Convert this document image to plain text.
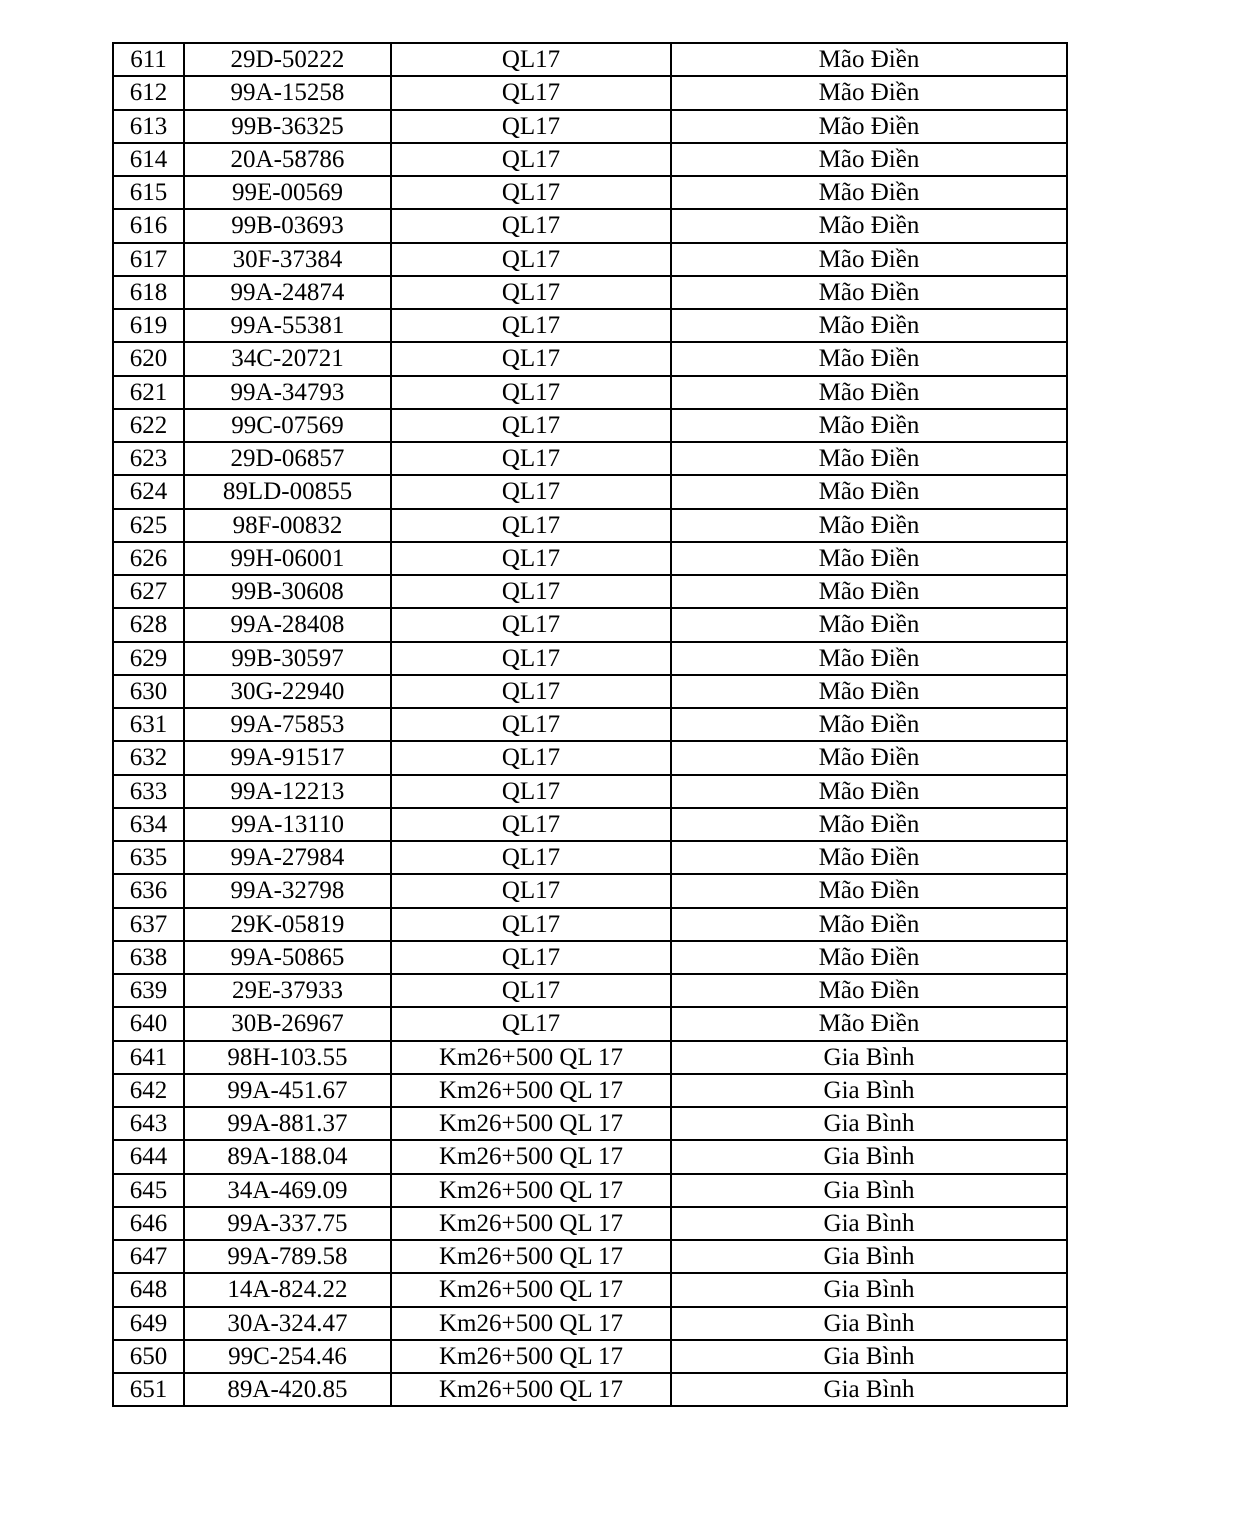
611	29D-50222	QL17	Mão Điền
612	99A-15258	QL17	Mão Điền
613	99B-36325	QL17	Mão Điền
614	20A-58786	QL17	Mão Điền
615	99E-00569	QL17	Mão Điền
616	99B-03693	QL17	Mão Điền
617	30F-37384	QL17	Mão Điền
618	99A-24874	QL17	Mão Điền
619	99A-55381	QL17	Mão Điền
620	34C-20721	QL17	Mão Điền
621	99A-34793	QL17	Mão Điền
622	99C-07569	QL17	Mão Điền
623	29D-06857	QL17	Mão Điền
624	89LD-00855	QL17	Mão Điền
625	98F-00832	QL17	Mão Điền
626	99H-06001	QL17	Mão Điền
627	99B-30608	QL17	Mão Điền
628	99A-28408	QL17	Mão Điền
629	99B-30597	QL17	Mão Điền
630	30G-22940	QL17	Mão Điền
631	99A-75853	QL17	Mão Điền
632	99A-91517	QL17	Mão Điền
633	99A-12213	QL17	Mão Điền
634	99A-13110	QL17	Mão Điền
635	99A-27984	QL17	Mão Điền
636	99A-32798	QL17	Mão Điền
637	29K-05819	QL17	Mão Điền
638	99A-50865	QL17	Mão Điền
639	29E-37933	QL17	Mão Điền
640	30B-26967	QL17	Mão Điền
641	98H-103.55	Km26+500 QL 17	Gia Bình
642	99A-451.67	Km26+500 QL 17	Gia Bình
643	99A-881.37	Km26+500 QL 17	Gia Bình
644	89A-188.04	Km26+500 QL 17	Gia Bình
645	34A-469.09	Km26+500 QL 17	Gia Bình
646	99A-337.75	Km26+500 QL 17	Gia Bình
647	99A-789.58	Km26+500 QL 17	Gia Bình
648	14A-824.22	Km26+500 QL 17	Gia Bình
649	30A-324.47	Km26+500 QL 17	Gia Bình
650	99C-254.46	Km26+500 QL 17	Gia Bình
651	89A-420.85	Km26+500 QL 17	Gia Bình
